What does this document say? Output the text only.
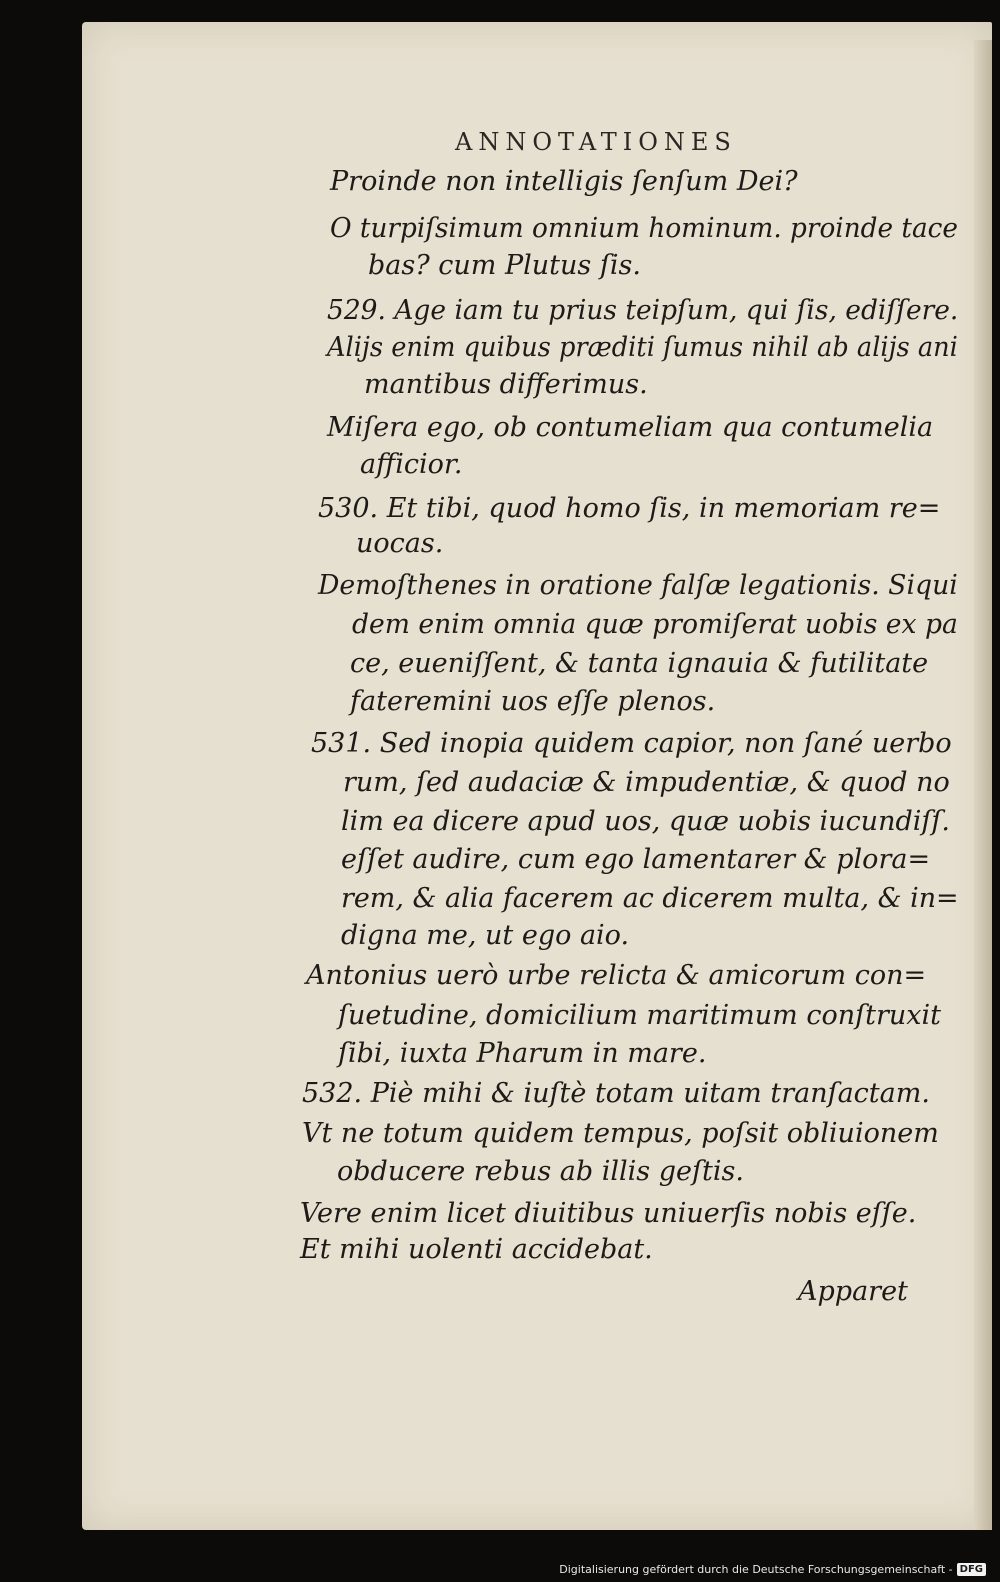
ANNOTATIONES
Proinde non intelligis ſenſum Dei?
O turpiſsimum omnium hominum. proinde tace
bas? cum Plutus ſis.
529. Age iam tu prius teipſum, qui ſis, ediſſere.
Alijs enim quibus præditi ſumus nihil ab alijs ani
mantibus differimus.
Miſera ego, ob contumeliam qua contumelia
afficior.
530. Et tibi, quod homo ſis, in memoriam re=
uocas.
Demoſthenes in oratione falſæ legationis. Siqui
dem enim omnia quæ promiſerat uobis ex pa
ce, eueniſſent, & tanta ignauia & futilitate
fateremini uos eſſe plenos.
531. Sed inopia quidem capior, non ſané uerbo
rum, ſed audaciæ & impudentiæ, & quod no
lim ea dicere apud uos, quæ uobis iucundiſſ.
eſſet audire, cum ego lamentarer & plora=
rem, & alia facerem ac dicerem multa, & in=
digna me, ut ego aio.
Antonius uerò urbe relicta & amicorum con=
ſuetudine, domicilium maritimum conſtruxit
ſibi, iuxta Pharum in mare.
532. Piè mihi & iuſtè totam uitam tranſactam.
Vt ne totum quidem tempus, poſsit obliuionem
obducere rebus ab illis geſtis.
Vere enim licet diuitibus uniuerſis nobis eſſe.
Et mihi uolenti accidebat.
Apparet
Digitalisierung gefördert durch die Deutsche Forschungsgemeinschaft - DFG
